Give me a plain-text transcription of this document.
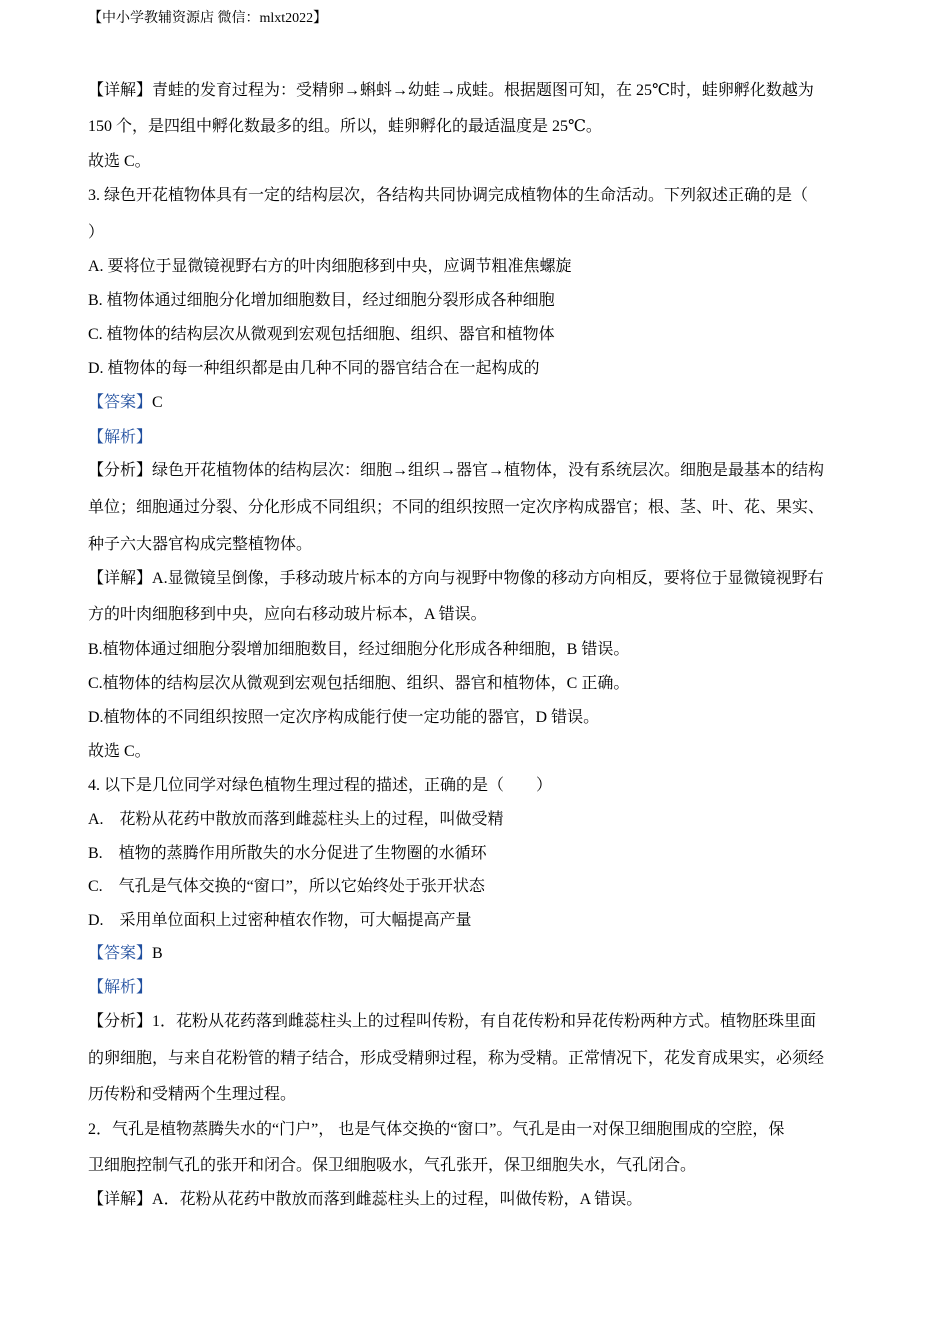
【中小学教辅资源店 微信：mlxt2022】
【详解】青蛙的发育过程为：受精卵→蝌蚪→幼蛙→成蛙。根据题图可知，在 25℃时，蛙卵孵化数越为
150 个，是四组中孵化数最多的组。所以，蛙卵孵化的最适温度是 25℃。
故选 C。
3. 绿色开花植物体具有一定的结构层次，各结构共同协调完成植物体的生命活动。下列叙述正确的是（
）
A. 要将位于显微镜视野右方的叶肉细胞移到中央，应调节粗准焦螺旋
B. 植物体通过细胞分化增加细胞数目，经过细胞分裂形成各种细胞
C. 植物体的结构层次从微观到宏观包括细胞、组织、器官和植物体
D. 植物体的每一种组织都是由几种不同的器官结合在一起构成的
【答案】C
【解析】
【分析】绿色开花植物体的结构层次：细胞→组织→器官→植物体，没有系统层次。细胞是最基本的结构
单位；细胞通过分裂、分化形成不同组织；不同的组织按照一定次序构成器官；根、茎、叶、花、果实、
种子六大器官构成完整植物体。
【详解】A.显微镜呈倒像，手移动玻片标本的方向与视野中物像的移动方向相反，要将位于显微镜视野右
方的叶肉细胞移到中央，应向右移动玻片标本，A 错误。
B.植物体通过细胞分裂增加细胞数目，经过细胞分化形成各种细胞，B 错误。
C.植物体的结构层次从微观到宏观包括细胞、组织、器官和植物体，C 正确。
D.植物体的不同组织按照一定次序构成能行使一定功能的器官，D 错误。
故选 C。
4. 以下是几位同学对绿色植物生理过程的描述，正确的是（　　）
A.　花粉从花药中散放而落到雌蕊柱头上的过程，叫做受精
B.　植物的蒸腾作用所散失的水分促进了生物圈的水循环
C.　气孔是气体交换的“窗口”，所以它始终处于张开状态
D.　采用单位面积上过密种植农作物，可大幅提高产量
【答案】B
【解析】
【分析】1．花粉从花药落到雌蕊柱头上的过程叫传粉，有自花传粉和异花传粉两种方式。植物胚珠里面
的卵细胞，与来自花粉管的精子结合，形成受精卵过程，称为受精。正常情况下，花发育成果实，必须经
历传粉和受精两个生理过程。
2．气孔是植物蒸腾失水的“门户”， 也是气体交换的“窗口”。气孔是由一对保卫细胞围成的空腔，保
卫细胞控制气孔的张开和闭合。保卫细胞吸水，气孔张开，保卫细胞失水，气孔闭合。
【详解】A．花粉从花药中散放而落到雌蕊柱头上的过程，叫做传粉，A 错误。
